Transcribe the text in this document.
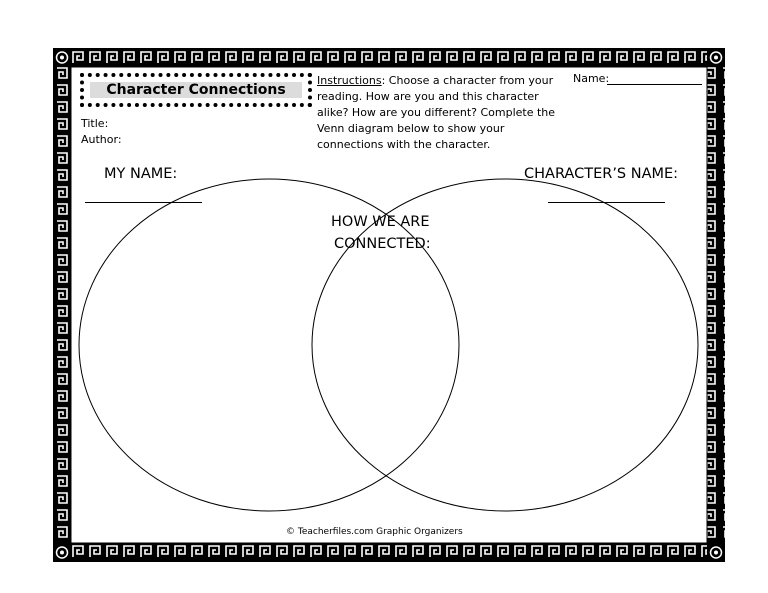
Character Connections
Title:
Author:
Instructions: Choose a character from your reading. How are you and this character alike? How are you different? Complete the Venn diagram below to show your connections with the character.
Name:
MY NAME:	CHARACTER’S NAME:
HOW WE ARE
CONNECTED:
© Teacherfiles.com Graphic Organizers
